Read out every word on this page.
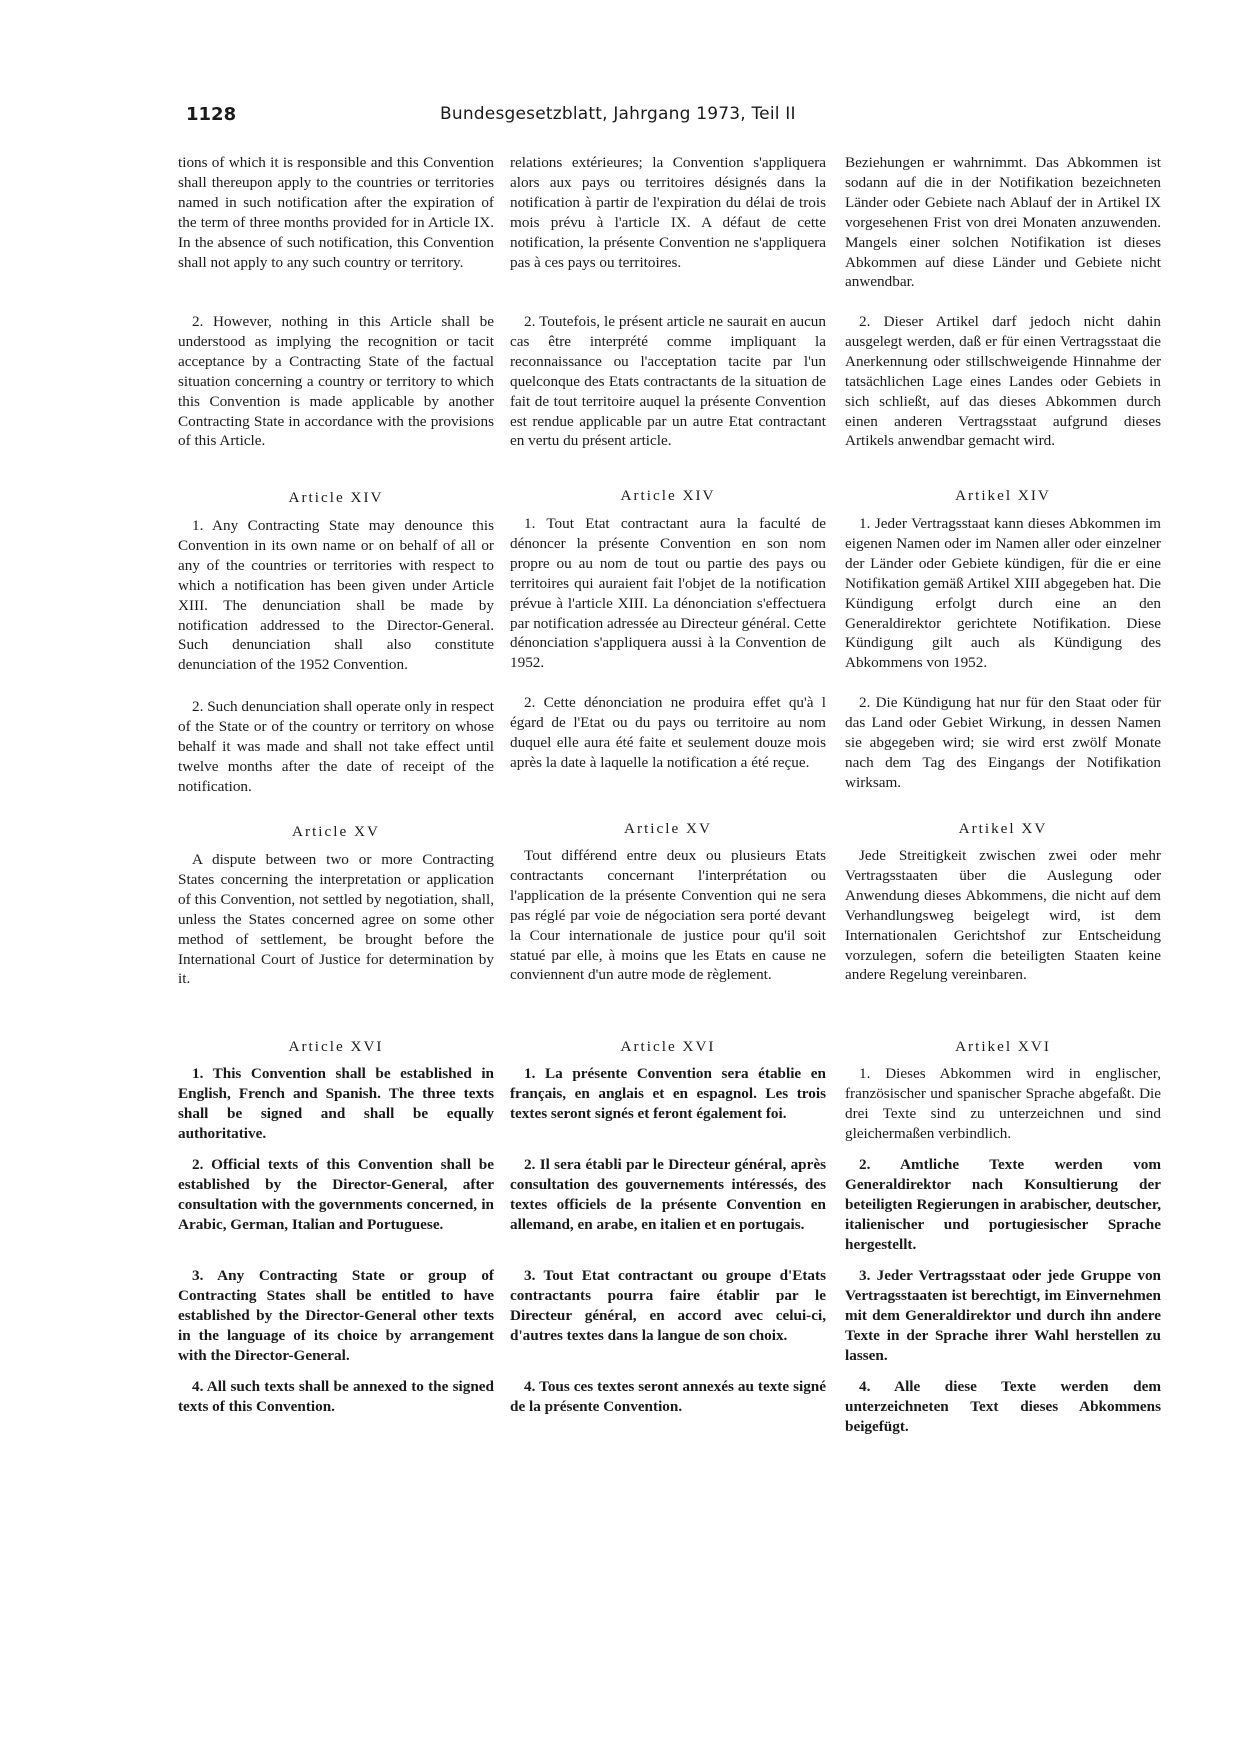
1128	Bundesgesetzblatt, Jahrgang 1973, Teil II

tions of which it is responsible and this Convention shall thereupon apply to the countries or territories named in such notification after the expiration of the term of three months provided for in Article IX. In the absence of such notification, this Convention shall not apply to any such country or territory.

2. However, nothing in this Article shall be understood as implying the recognition or tacit acceptance by a Contracting State of the factual situation concerning a country or territory to which this Convention is made applicable by another Contracting State in accordance with the provisions of this Article.

Article XIV

1. Any Contracting State may denounce this Convention in its own name or on behalf of all or any of the countries or territories with respect to which a notification has been given under Article XIII. The denunciation shall be made by notification addressed to the Director-General. Such denunciation shall also constitute denunciation of the 1952 Convention.

2. Such denunciation shall operate only in respect of the State or of the country or territory on whose behalf it was made and shall not take effect until twelve months after the date of receipt of the notification.

Article XV

A dispute between two or more Contracting States concerning the interpretation or application of this Convention, not settled by negotiation, shall, unless the States concerned agree on some other method of settlement, be brought before the International Court of Justice for determination by it.

Article XVI

1. This Convention shall be established in English, French and Spanish. The three texts shall be signed and shall be equally authoritative.

2. Official texts of this Convention shall be established by the Director-General, after consultation with the governments concerned, in Arabic, German, Italian and Portuguese.

3. Any Contracting State or group of Contracting States shall be entitled to have established by the Director-General other texts in the language of its choice by arrangement with the Director-General.

4. All such texts shall be annexed to the signed texts of this Convention.

relations extérieures; la Convention s'appliquera alors aux pays ou territoires désignés dans la notification à partir de l'expiration du délai de trois mois prévu à l'article IX. A défaut de cette notification, la présente Convention ne s'appliquera pas à ces pays ou territoires.

2. Toutefois, le présent article ne saurait en aucun cas être interprété comme impliquant la reconnaissance ou l'acceptation tacite par l'un quelconque des Etats contractants de la situation de fait de tout territoire auquel la présente Convention est rendue applicable par un autre Etat contractant en vertu du présent article.

Article XIV

1. Tout Etat contractant aura la faculté de dénoncer la présente Convention en son nom propre ou au nom de tout ou partie des pays ou territoires qui auraient fait l'objet de la notification prévue à l'article XIII. La dénonciation s'effectuera par notification adressée au Directeur général. Cette dénonciation s'appliquera aussi à la Convention de 1952.

2. Cette dénonciation ne produira effet qu'à l égard de l'Etat ou du pays ou territoire au nom duquel elle aura été faite et seulement douze mois après la date à laquelle la notification a été reçue.

Article XV

Tout différend entre deux ou plusieurs Etats contractants concernant l'interprétation ou l'application de la présente Convention qui ne sera pas réglé par voie de négociation sera porté devant la Cour internationale de justice pour qu'il soit statué par elle, à moins que les Etats en cause ne conviennent d'un autre mode de règlement.

Article XVI

1. La présente Convention sera établie en français, en anglais et en espagnol. Les trois textes seront signés et feront également foi.

2. Il sera établi par le Directeur général, après consultation des gouvernements intéressés, des textes officiels de la présente Convention en allemand, en arabe, en italien et en portugais.

3. Tout Etat contractant ou groupe d'Etats contractants pourra faire établir par le Directeur général, en accord avec celui-ci, d'autres textes dans la langue de son choix.

4. Tous ces textes seront annexés au texte signé de la présente Convention.

Beziehungen er wahrnimmt. Das Abkommen ist sodann auf die in der Notifikation bezeichneten Länder oder Gebiete nach Ablauf der in Artikel IX vorgesehenen Frist von drei Monaten anzuwenden. Mangels einer solchen Notifikation ist dieses Abkommen auf diese Länder und Gebiete nicht anwendbar.

2. Dieser Artikel darf jedoch nicht dahin ausgelegt werden, daß er für einen Vertragsstaat die Anerkennung oder stillschweigende Hinnahme der tatsächlichen Lage eines Landes oder Gebiets in sich schließt, auf das dieses Abkommen durch einen anderen Vertragsstaat aufgrund dieses Artikels anwendbar gemacht wird.

Artikel XIV

1. Jeder Vertragsstaat kann dieses Abkommen im eigenen Namen oder im Namen aller oder einzelner der Länder oder Gebiete kündigen, für die er eine Notifikation gemäß Artikel XIII abgegeben hat. Die Kündigung erfolgt durch eine an den Generaldirektor gerichtete Notifikation. Diese Kündigung gilt auch als Kündigung des Abkommens von 1952.

2. Die Kündigung hat nur für den Staat oder für das Land oder Gebiet Wirkung, in dessen Namen sie abgegeben wird; sie wird erst zwölf Monate nach dem Tag des Eingangs der Notifikation wirksam.

Artikel XV

Jede Streitigkeit zwischen zwei oder mehr Vertragsstaaten über die Auslegung oder Anwendung dieses Abkommens, die nicht auf dem Verhandlungsweg beigelegt wird, ist dem Internationalen Gerichtshof zur Entscheidung vorzulegen, sofern die beteiligten Staaten keine andere Regelung vereinbaren.

Artikel XVI

1. Dieses Abkommen wird in englischer, französischer und spanischer Sprache abgefaßt. Die drei Texte sind zu unterzeichnen und sind gleichermaßen verbindlich.

2. Amtliche Texte werden vom Generaldirektor nach Konsultierung der beteiligten Regierungen in arabischer, deutscher, italienischer und portugiesischer Sprache hergestellt.

3. Jeder Vertragsstaat oder jede Gruppe von Vertragsstaaten ist berechtigt, im Einvernehmen mit dem Generaldirektor und durch ihn andere Texte in der Sprache ihrer Wahl herstellen zu lassen.

4. Alle diese Texte werden dem unterzeichneten Text dieses Abkommens beigefügt.
